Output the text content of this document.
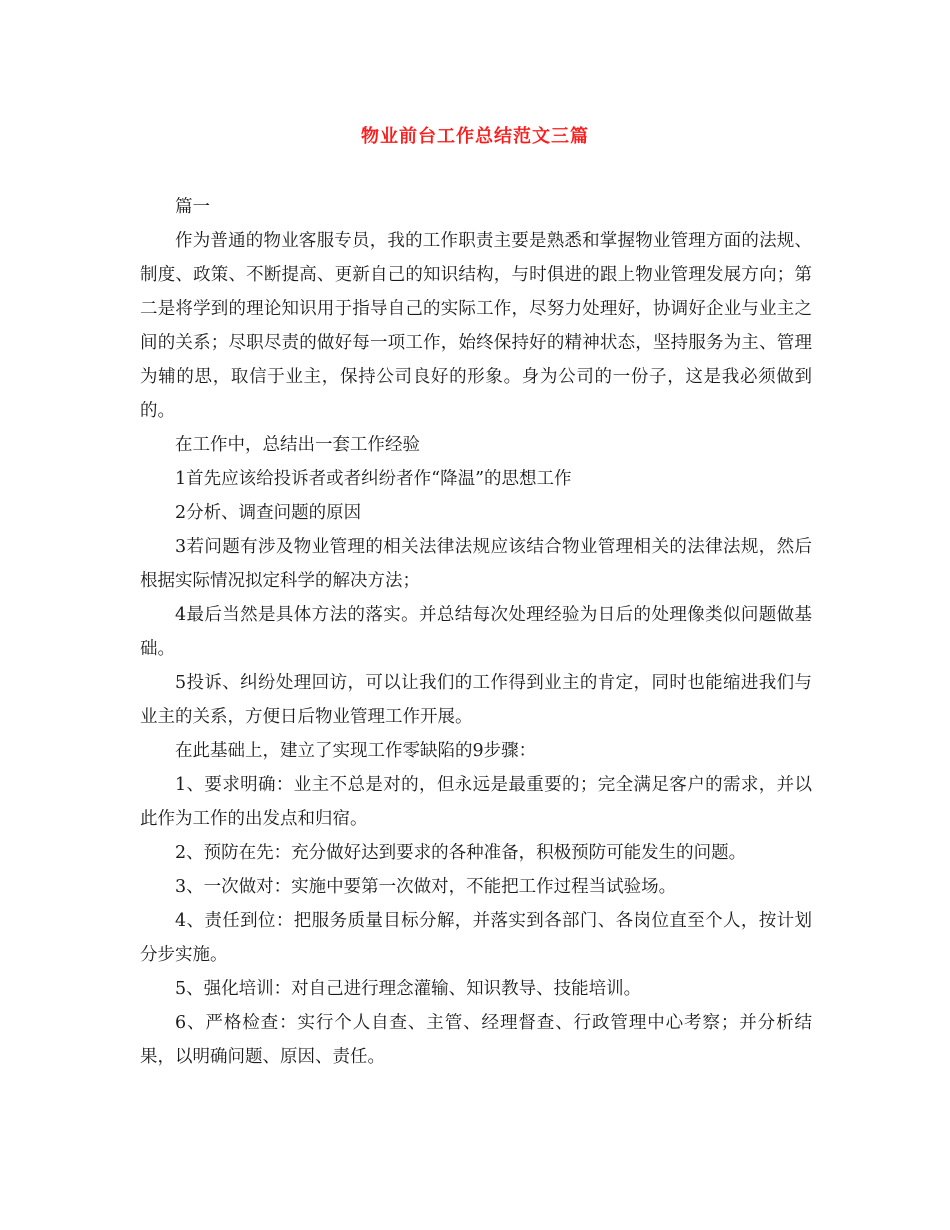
物业前台工作总结范文三篇

篇一

作为普通的物业客服专员，我的工作职责主要是熟悉和掌握物业管理方面的法规、制度、政策、不断提高、更新自己的知识结构，与时俱进的跟上物业管理发展方向；第二是将学到的理论知识用于指导自己的实际工作，尽努力处理好，协调好企业与业主之间的关系；尽职尽责的做好每一项工作，始终保持好的精神状态，坚持服务为主、管理为辅的思，取信于业主，保持公司良好的形象。身为公司的一份子，这是我必须做到的。

在工作中，总结出一套工作经验

1首先应该给投诉者或者纠纷者作“降温”的思想工作

2分析、调查问题的原因

3若问题有涉及物业管理的相关法律法规应该结合物业管理相关的法律法规，然后根据实际情况拟定科学的解决方法；

4最后当然是具体方法的落实。并总结每次处理经验为日后的处理像类似问题做基础。

5投诉、纠纷处理回访，可以让我们的工作得到业主的肯定，同时也能缩进我们与业主的关系，方便日后物业管理工作开展。

在此基础上，建立了实现工作零缺陷的9步骤：

1、要求明确：业主不总是对的，但永远是最重要的；完全满足客户的需求，并以此作为工作的出发点和归宿。

2、预防在先：充分做好达到要求的各种准备，积极预防可能发生的问题。

3、一次做对：实施中要第一次做对，不能把工作过程当试验场。

4、责任到位：把服务质量目标分解，并落实到各部门、各岗位直至个人，按计划分步实施。

5、强化培训：对自己进行理念灌输、知识教导、技能培训。

6、严格检查：实行个人自查、主管、经理督查、行政管理中心考察；并分析结果，以明确问题、原因、责任。
